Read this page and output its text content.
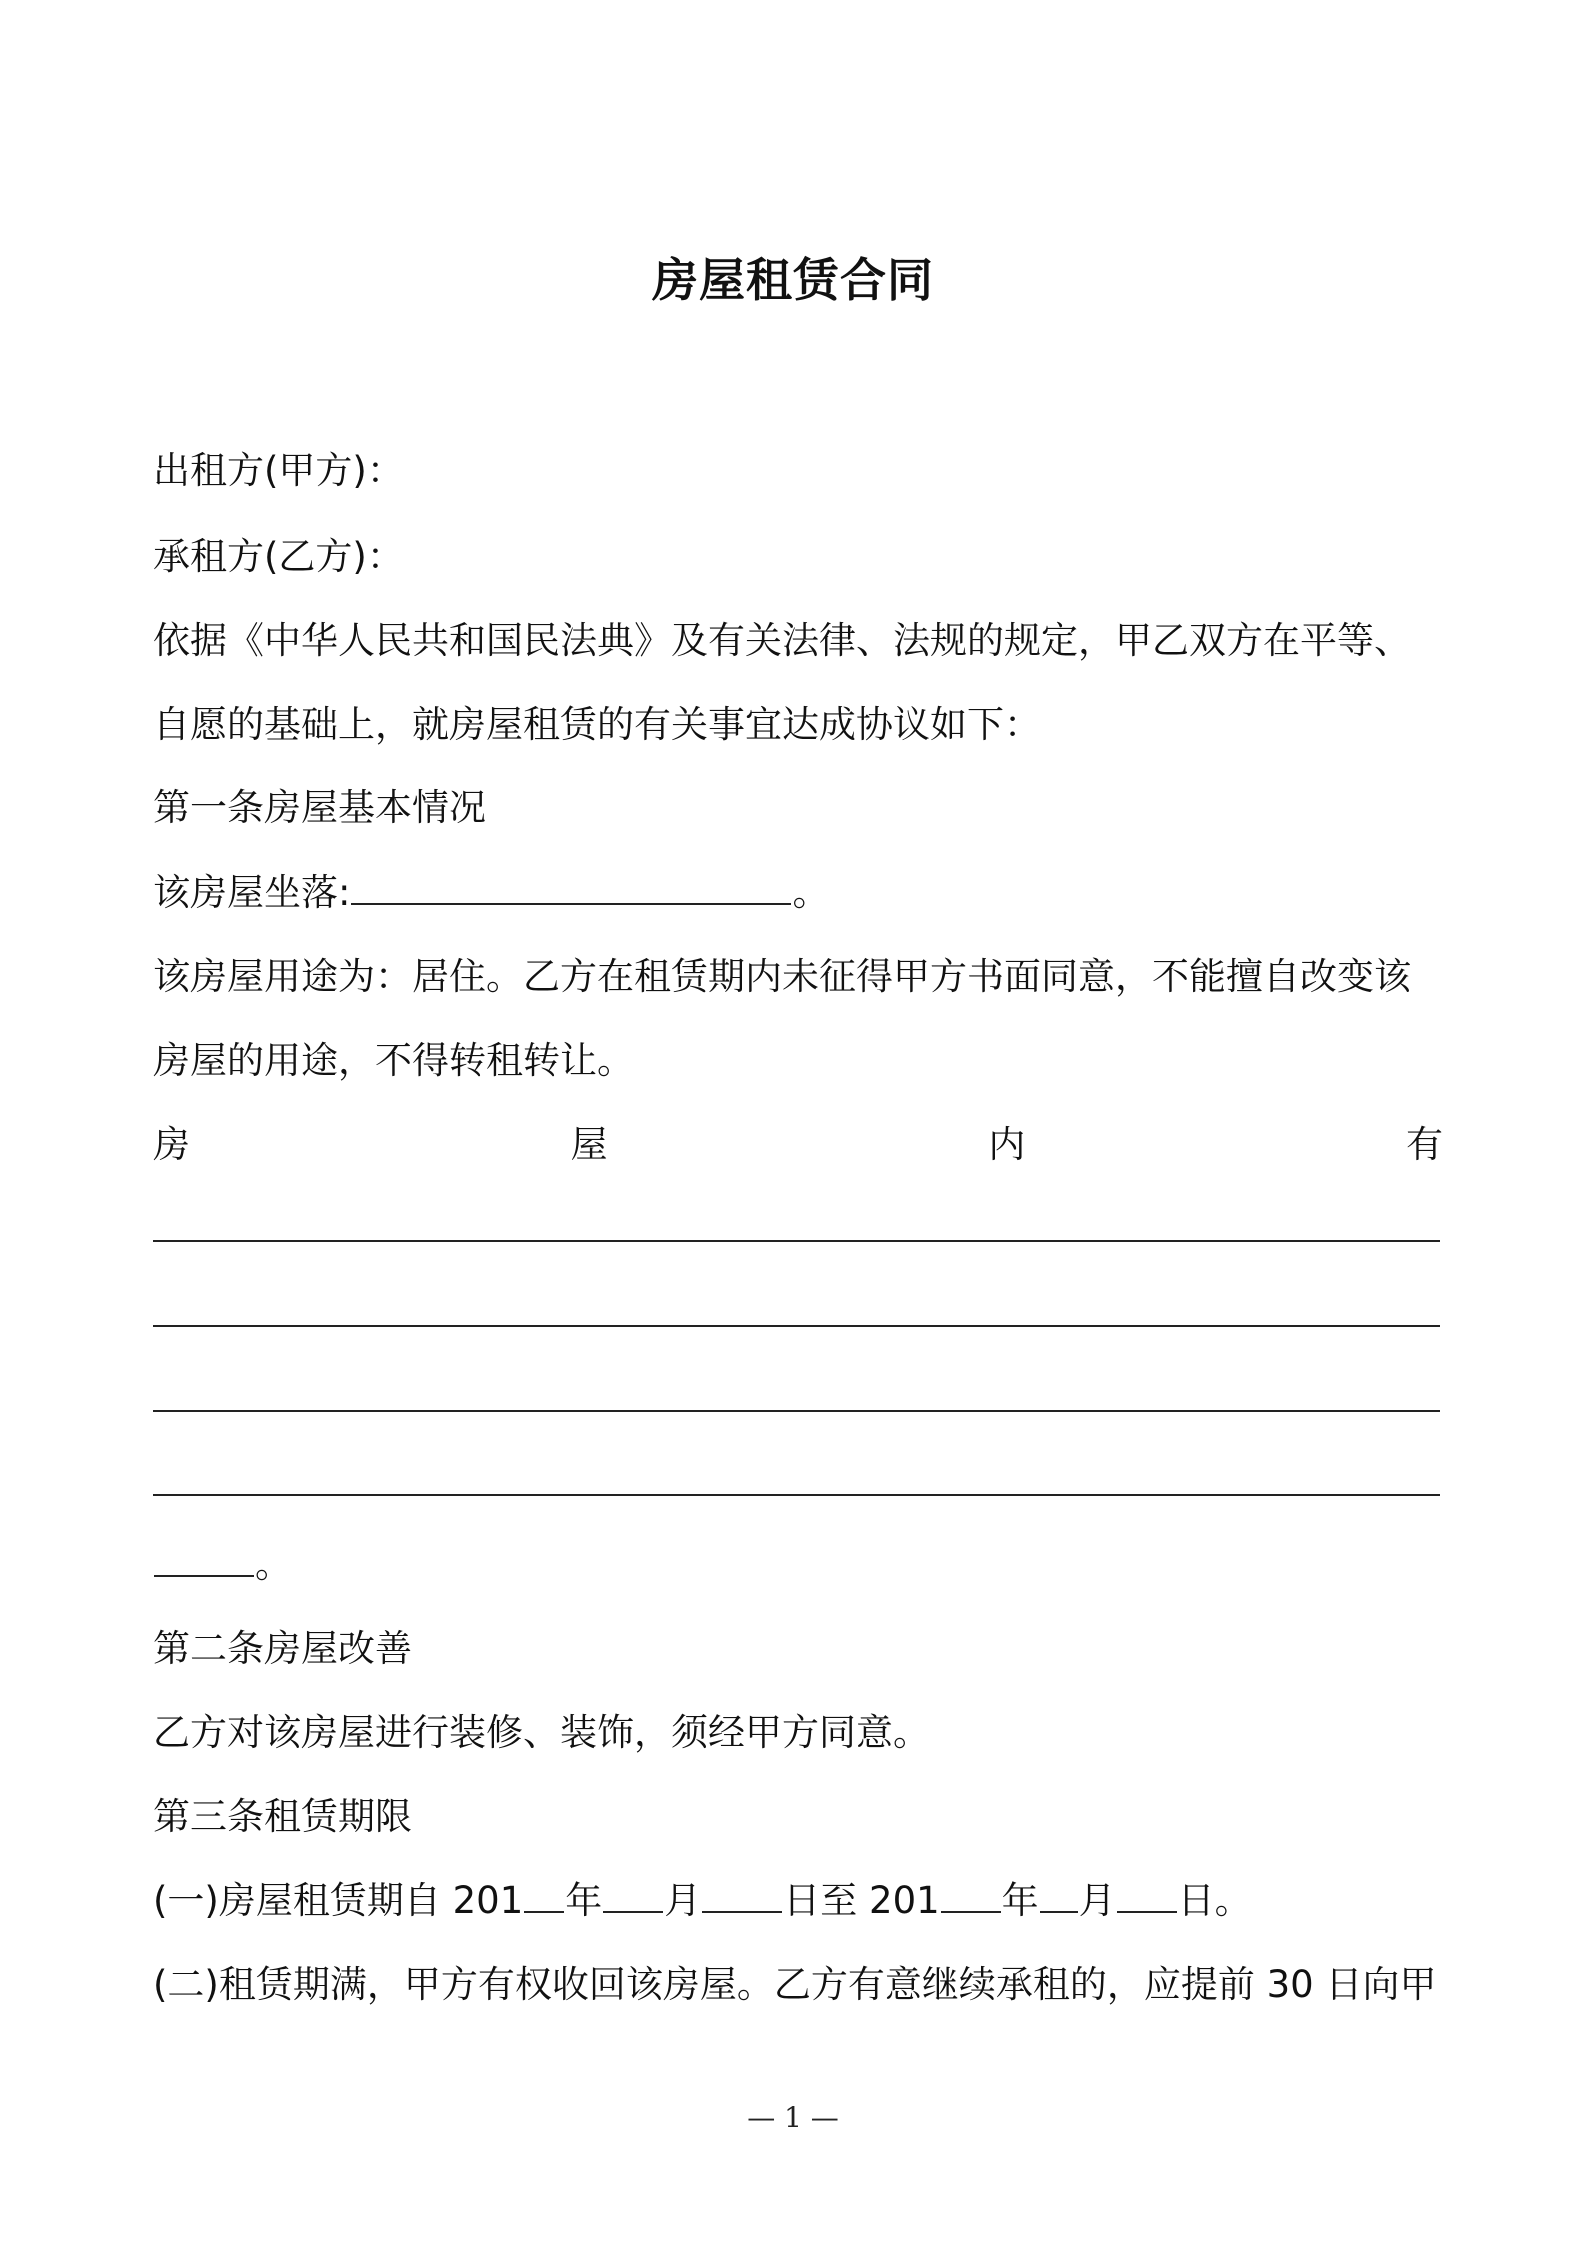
房屋租赁合同
出租方(甲方)：
承租方(乙方)：
依据《中华人民共和国民法典》及有关法律、法规的规定，甲乙双方在平等、
自愿的基础上，就房屋租赁的有关事宜达成协议如下：
第一条房屋基本情况
该房屋坐落:	。
该房屋用途为：居住。乙方在租赁期内未征得甲方书面同意，不能擅自改变该
房屋的用途，不得转租转让。
房	屋	内	有
。
第二条房屋改善
乙方对该房屋进行装修、装饰，须经甲方同意。
第三条租赁期限
(一)房屋租赁期自 201 年 月 日至 201 年 月 日。
(二)租赁期满，甲方有权收回该房屋。乙方有意继续承租的，应提前 30 日向甲
— 1 —
